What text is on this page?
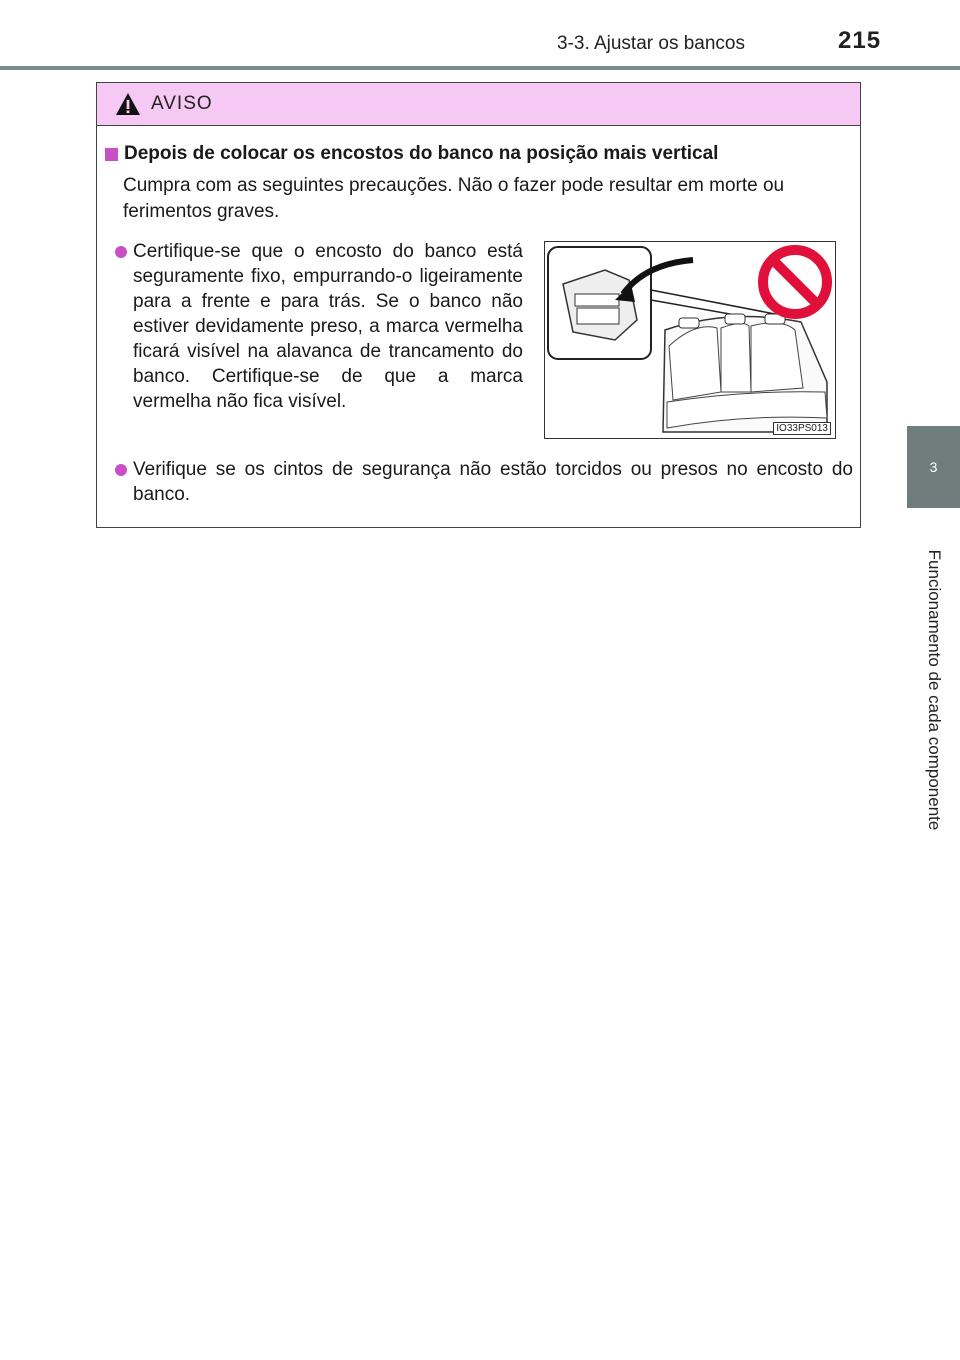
3-3. Ajustar os bancos	215
3
Funcionamento de cada componente
AVISO
Depois de colocar os encostos do banco na posição mais vertical
Cumpra com as seguintes precauções. Não o fazer pode resultar em morte ou ferimentos graves.
Certifique-se que o encosto do banco está seguramente fixo, empurrando-o ligeiramente para a frente e para trás. Se o banco não estiver devidamente preso, a marca vermelha ficará visível na alavanca de trancamento do banco. Certifique-se de que a marca vermelha não fica visível.
IO33PS013
Verifique se os cintos de segurança não estão torcidos ou presos no encosto do banco.
